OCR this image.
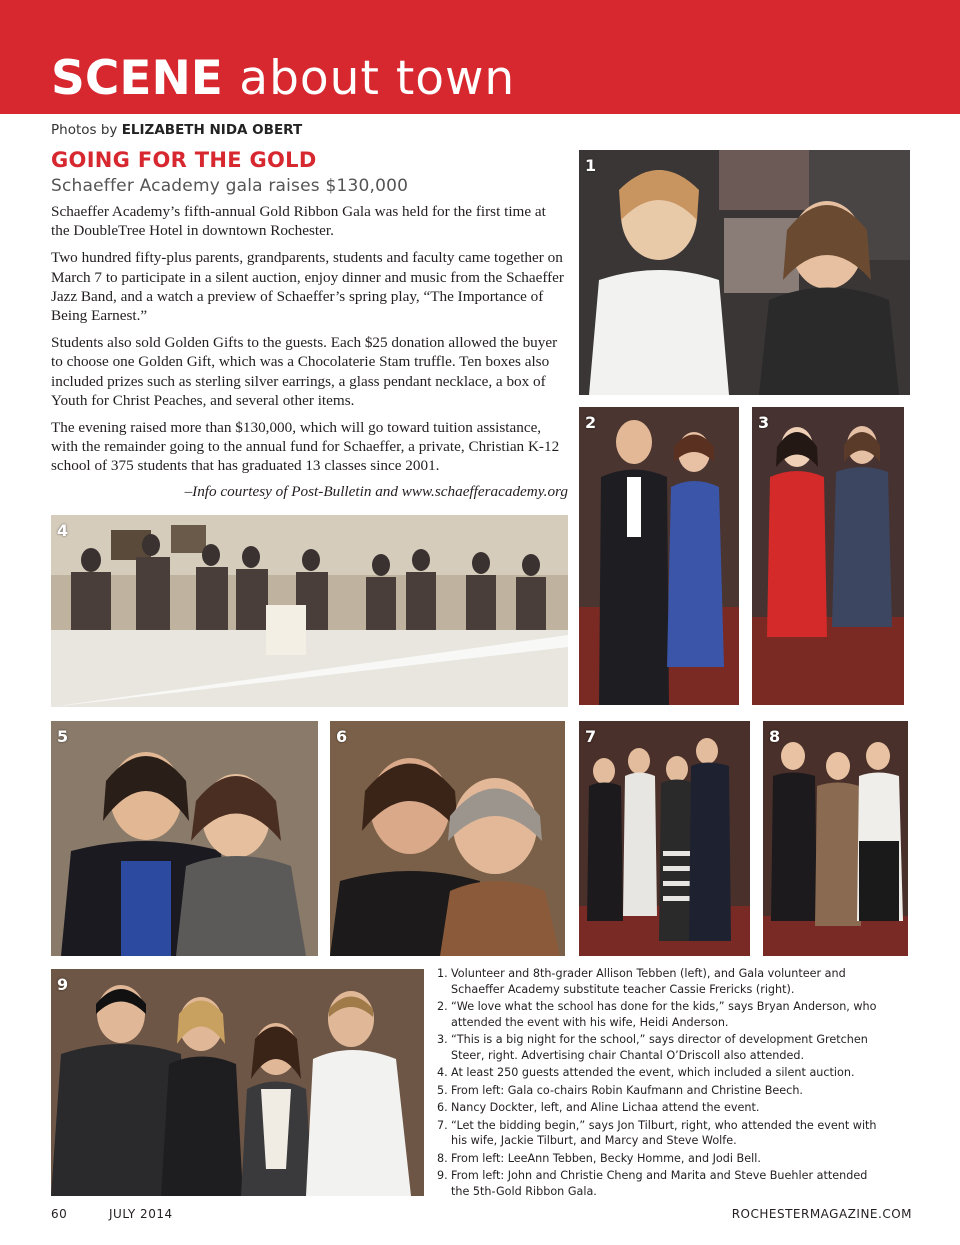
SCENE about town
Photos by ELIZABETH NIDA OBERT
GOING FOR THE GOLD
Schaeffer Academy gala raises $130,000

Schaeffer Academy’s fifth-annual Gold Ribbon Gala was held for the first time at the DoubleTree Hotel in downtown Rochester.

Two hundred fifty-plus parents, grandparents, students and faculty came together on March 7 to participate in a silent auction, enjoy dinner and music from the Schaeffer Jazz Band, and a watch a preview of Schaeffer’s spring play, “The Importance of Being Earnest.”

Students also sold Golden Gifts to the guests. Each $25 donation allowed the buyer to choose one Golden Gift, which was a Chocolaterie Stam truffle. Ten boxes also included prizes such as sterling silver earrings, a glass pendant necklace, a box of Youth for Christ Peaches, and several other items.

The evening raised more than $130,000, which will go toward tuition assistance, with the remainder going to the annual fund for Schaeffer, a private, Christian K-12 school of 375 students that has graduated 13 classes since 2001.

–Info courtesy of Post-Bulletin and www.schaefferacademy.org

1
2	3
4
5	6	7	8
9
1. Volunteer and 8th-grader Allison Tebben (left), and Gala volunteer and Schaeffer Academy substitute teacher Cassie Frericks (right).
2. “We love what the school has done for the kids,” says Bryan Anderson, who attended the event with his wife, Heidi Anderson.
3. “This is a big night for the school,” says director of development Gretchen Steer, right. Advertising chair Chantal O’Driscoll also attended.
4. At least 250 guests attended the event, which included a silent auction.
5. From left: Gala co-chairs Robin Kaufmann and Christine Beech.
6. Nancy Dockter, left, and Aline Lichaa attend the event.
7. “Let the bidding begin,” says Jon Tilburt, right, who attended the event with his wife, Jackie Tilburt, and Marcy and Steve Wolfe.
8. From left: LeeAnn Tebben, Becky Homme, and Jodi Bell.
9. From left: John and Christie Cheng and Marita and Steve Buehler attended the 5th-Gold Ribbon Gala.
60	JULY 2014	ROCHESTERMAGAZINE.COM
